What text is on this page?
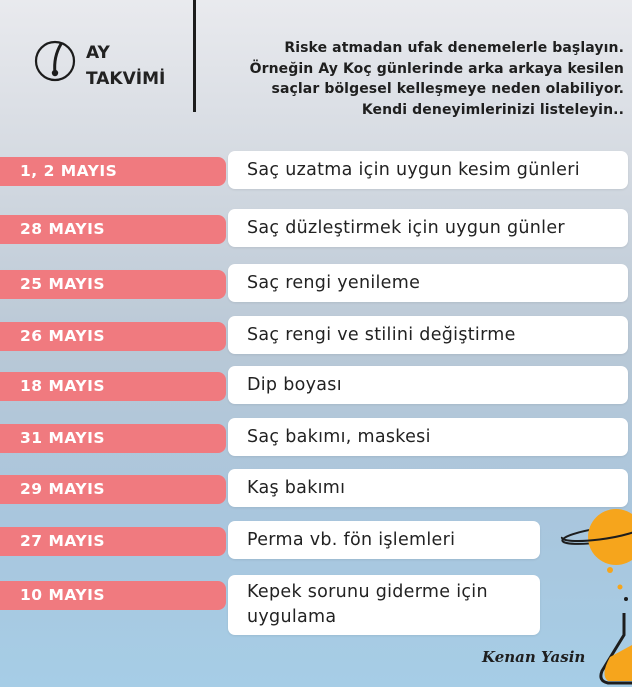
AY
TAKVİMİ
Riske atmadan ufak denemelerle başlayın.
Örneğin Ay Koç günlerinde arka arkaya kesilen
saçlar bölgesel kelleşmeye neden olabiliyor.
Kendi deneyimlerinizi listeleyin..
1, 2 MAYIS	Saç uzatma için uygun kesim günleri
28 MAYIS	Saç düzleştirmek için uygun günler
25 MAYIS	Saç rengi yenileme
26 MAYIS	Saç rengi ve stilini değiştirme
18 MAYIS	Dip boyası
31 MAYIS	Saç bakımı, maskesi
29 MAYIS	Kaş bakımı
27 MAYIS	Perma vb. fön işlemleri
10 MAYIS	Kepek sorunu giderme için
uygulama
Kenan Yasin
